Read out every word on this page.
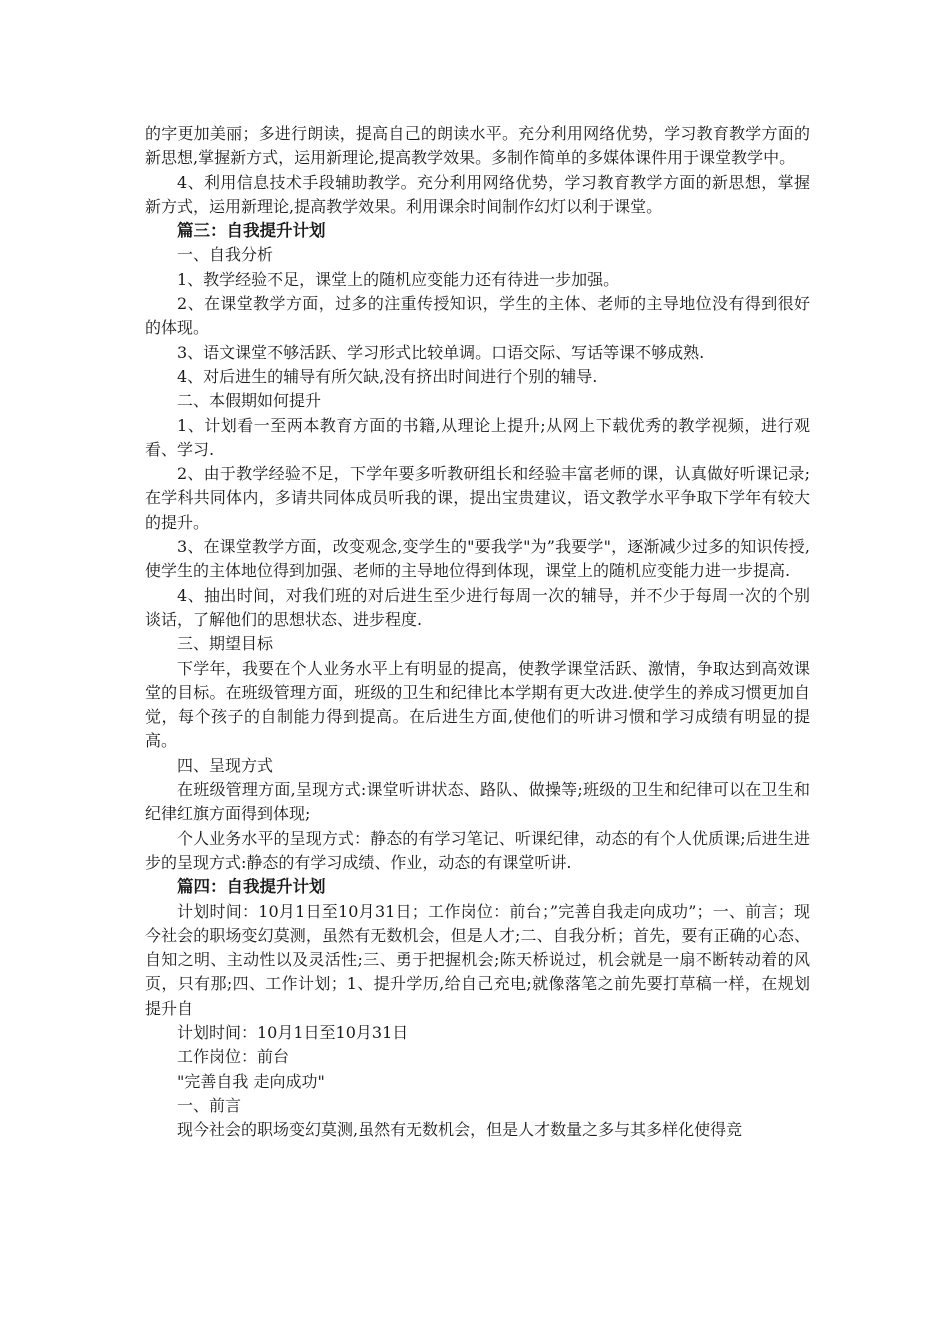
的字更加美丽；多进行朗读，提高自己的朗读水平。充分利用网络优势，学习教育教学方面的新思想,掌握新方式，运用新理论,提高教学效果。多制作简单的多媒体课件用于课堂教学中。

4、利用信息技术手段辅助教学。充分利用网络优势，学习教育教学方面的新思想，掌握新方式，运用新理论,提高教学效果。利用课余时间制作幻灯以利于课堂。

篇三：自我提升计划

一、自我分析

1、教学经验不足，课堂上的随机应变能力还有待进一步加强。

2、在课堂教学方面，过多的注重传授知识，学生的主体、老师的主导地位没有得到很好的体现。

3、语文课堂不够活跃、学习形式比较单调。口语交际、写话等课不够成熟.

4、对后进生的辅导有所欠缺,没有挤出时间进行个别的辅导.

二、本假期如何提升

1、计划看一至两本教育方面的书籍,从理论上提升;从网上下载优秀的教学视频，进行观看、学习.

2、由于教学经验不足，下学年要多听教研组长和经验丰富老师的课，认真做好听课记录;在学科共同体内，多请共同体成员听我的课，提出宝贵建议，语文教学水平争取下学年有较大的提升。

3、在课堂教学方面，改变观念,变学生的"要我学"为”我要学"，逐渐减少过多的知识传授,使学生的主体地位得到加强、老师的主导地位得到体现，课堂上的随机应变能力进一步提高.

4、抽出时间，对我们班的对后进生至少进行每周一次的辅导，并不少于每周一次的个别谈话，了解他们的思想状态、进步程度.

三、期望目标

下学年，我要在个人业务水平上有明显的提高，使教学课堂活跃、激情，争取达到高效课堂的目标。在班级管理方面，班级的卫生和纪律比本学期有更大改进.使学生的养成习惯更加自觉，每个孩子的自制能力得到提高。在后进生方面,使他们的听讲习惯和学习成绩有明显的提高。

四、呈现方式

在班级管理方面,呈现方式:课堂听讲状态、路队、做操等;班级的卫生和纪律可以在卫生和纪律红旗方面得到体现;

个人业务水平的呈现方式：静态的有学习笔记、听课纪律，动态的有个人优质课;后进生进步的呈现方式:静态的有学习成绩、作业，动态的有课堂听讲.

篇四：自我提升计划

计划时间：10月1日至10月31日；工作岗位：前台；”完善自我走向成功”；一、前言；现今社会的职场变幻莫测，虽然有无数机会，但是人才;二、自我分析；首先，要有正确的心态、自知之明、主动性以及灵活性;三、勇于把握机会;陈天桥说过，机会就是一扇不断转动着的风页，只有那;四、工作计划；1、提升学历,给自己充电;就像落笔之前先要打草稿一样，在规划提升自

计划时间：10月1日至10月31日

工作岗位：前台

"完善自我 走向成功"

一、前言

现今社会的职场变幻莫测,虽然有无数机会，但是人才数量之多与其多样化使得竞
